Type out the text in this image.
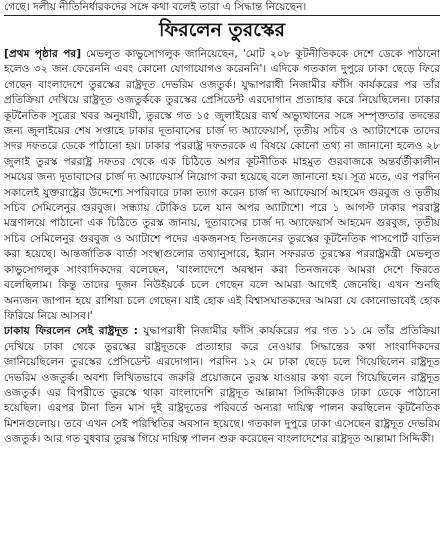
গেছে। দলীয় নীতিনির্ধারকদের সঙ্গে কথা বলেই তারা এ সিদ্ধান্ত নিয়েছেন।
ফিরলেন তুরস্কের

[প্রথম পৃষ্ঠার পর] মেভলুত কাভুসোগলুক জানিয়েছেন, 'মোট ২০৮ কূটনীতিককে দেশে ডেকে পাঠানো হলেও ৩২ জন ফেরেননি এবং কোনো যোগাযোগও করেননি'। এদিকে গতকাল দুপুরে ঢাকা ছেড়ে ফিরে গেছেন বাংলাদেশে তুরস্কের রাষ্ট্রদূত দেভরিম ওজতুর্ক। যুদ্ধাপরাধী নিজামীর ফাঁসি কার্যকরের পর তাঁর প্রতিক্রিয়া দেখিয়ে রাষ্ট্রদূত ওজতুর্ককে তুরস্কের প্রেসিডেন্ট এরদোগান প্রত্যাহার করে নিয়েছিলেন। ঢাকার কূটনৈতিক সূত্রের খবর অনুযায়ী, তুরস্কে গত ১৫ জুলাইয়ের ব্যর্থ অভ্যুত্থানের সঙ্গে সম্পৃক্ততার তদন্তের জন্য জুলাইয়ের শেষ সপ্তাহে ঢাকার দূতাবাসের চার্জ দ্য অ্যাফেয়ার্স, তৃতীয় সচিব ও অ্যাটাশেকে তাদের সদর দফতরে ডেকে পাঠানো হয়। ঢাকার পররাষ্ট্র দফতরকে এ বিষয়ে কোনো তথ্য না জানানো হলেও ২৮ জুলাই তুরস্ক পররাষ্ট্র দফতর থেকে এক চিঠিতে অপর কূটনীতিক মাহমুত গুরবাজকে অন্তর্বর্তীকালীন সময়ের জন্য দূতাবাসের চার্জ দ্য অ্যাফেয়ার্স নিয়োগ করা হয়েছে বলে জানানো হয়। সূত্র মতে, এর পরদিন সকালেই যুক্তরাষ্ট্রের উদ্দেশ্যে সপরিবারে ঢাকা ত্যাগ করেন চার্জ দ্য অ্যাফেয়ার্স আহমেদ গুরবুজ ও তৃতীয় সচিব সেমিলেনুর গুরবুজ। সন্ধ্যায় টোকিও চলে যান অপর অ্যাটাশে। পরে ১ আগস্ট ঢাকার পররাষ্ট্র মন্ত্রণালয়ে পাঠানো এক চিঠিতে তুরস্ক জানায়, দূতাবাসের চার্জ দ্য অ্যাফেয়ার্স আহমেদ গুরবুজ, তৃতীয় সচিব সেমিলেনুর গুরবুজ ও অ্যাটাশে পদের একজনসহ তিনজনের তুরস্কের কূটনৈতিক পাসপোর্ট বাতিল করা হয়েছে। আন্তর্জাতিক বার্তা সংস্থাগুলোর তথ্যানুসারে, ইরান সফররত তুরস্কের পররাষ্ট্রমন্ত্রী মেভলুত কাভুসোগলুক সাংবাদিকদের বলেছেন, 'বাংলাদেশে অবস্থান করা তিনজনকে আমরা দেশে ফিরতে বলেছিলাম। কিন্তু তাদের দুজন নিউইয়র্কে চলে গেছেন বলে আমরা আগেই জেনেছি। এখন শুনছি অন্যজন জাপান হয়ে রাশিয়া চলে গেছেন। যাই হোক এই বিশ্বাসঘাতকদের আমরা যে কোনোভাবেই হোক ফিরিয়ে নিয়ে আসব।'

ঢাকায় ফিরলেন সেই রাষ্ট্রদূত : যুদ্ধাপরাধী নিজামীর ফাঁসি কার্যকরের পর গত ১১ মে তাঁর প্রতিক্রিয়া দেখিয়ে ঢাকা থেকে তুরস্কের রাষ্ট্রদূতকে প্রত্যাহার করে নেওয়ার সিদ্ধান্তের কথা সাংবাদিকদের জানিয়েছিলেন তুরস্কের প্রেসিডেন্ট এরদোগান। পরদিন ১২ মে ঢাকা ছেড়ে চলে গিয়েছিলেন রাষ্ট্রদূত দেভরিম ওজতুর্ক। অবশ্য লিখিতভাবে জরুরি প্রয়োজনে তুরস্ক যাওয়ার কথা বলে গিয়েছিলেন রাষ্ট্রদূত ওজতুর্ক। এর বিপরীতে তুরস্কে থাকা বাংলাদেশি রাষ্ট্রদূত আল্লামা সিদ্দিকীকেও ঢাকা ডেকে পাঠানো হয়েছিল। এরপর টানা তিন মাস দুই রাষ্ট্রদূতের পরিবর্তে অন্যরা দায়িত্ব পালন করছিলেন কূটনৈতিক মিশনগুলোয়। তবে এখন সেই পরিস্থিতির অবসান হয়েছে। গতকাল দুপুরে ঢাকা এসেছেন রাষ্ট্রদূত দেভরিম ওজতুর্ক। আর গত বুধবার তুরস্ক গিয়ে দায়িত্ব পালন শুরু করেছেন বাংলাদেশের রাষ্ট্রদূত আল্লামা সিদ্দিকী।
